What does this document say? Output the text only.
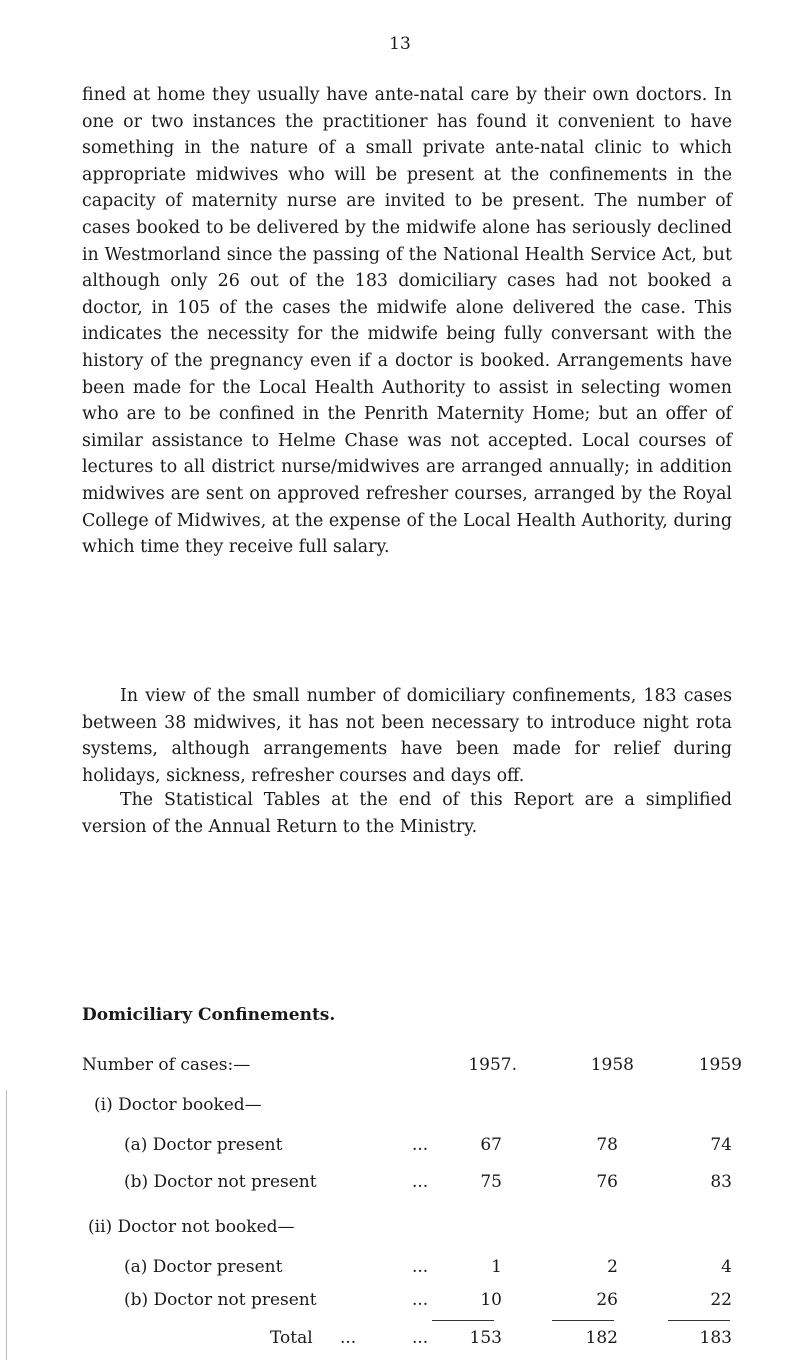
13

fined at home they usually have ante-natal care by their own doctors. In one or two instances the practitioner has found it convenient to have something in the nature of a small private ante-natal clinic to which appropriate midwives who will be present at the confinements in the capacity of maternity nurse are invited to be present. The number of cases booked to be delivered by the midwife alone has seriously declined in Westmorland since the passing of the National Health Service Act, but although only 26 out of the 183 domiciliary cases had not booked a doctor, in 105 of the cases the midwife alone delivered the case. This indicates the necessity for the midwife being fully conversant with the history of the pregnancy even if a doctor is booked. Arrangements have been made for the Local Health Authority to assist in selecting women who are to be confined in the Penrith Maternity Home; but an offer of similar assistance to Helme Chase was not accepted. Local courses of lectures to all district nurse/midwives are arranged annually; in addition midwives are sent on approved refresher courses, arranged by the Royal College of Midwives, at the expense of the Local Health Authority, during which time they receive full salary.

In view of the small number of domiciliary confinements, 183 cases between 38 midwives, it has not been necessary to introduce night rota systems, although arrangements have been made for relief during holidays, sickness, refresher courses and days off.

The Statistical Tables at the end of this Report are a simplified version of the Annual Return to the Ministry.

Domiciliary Confinements.
Number of cases:—	1957.	1958	1959
(i) Doctor booked—
(a) Doctor present	...	67	78	74
(b) Doctor not present	...	75	76	83
(ii) Doctor not booked—
(a) Doctor present	...	1	2	4
(b) Doctor not present	...	10	26	22
Total ...	...	153	182	183
